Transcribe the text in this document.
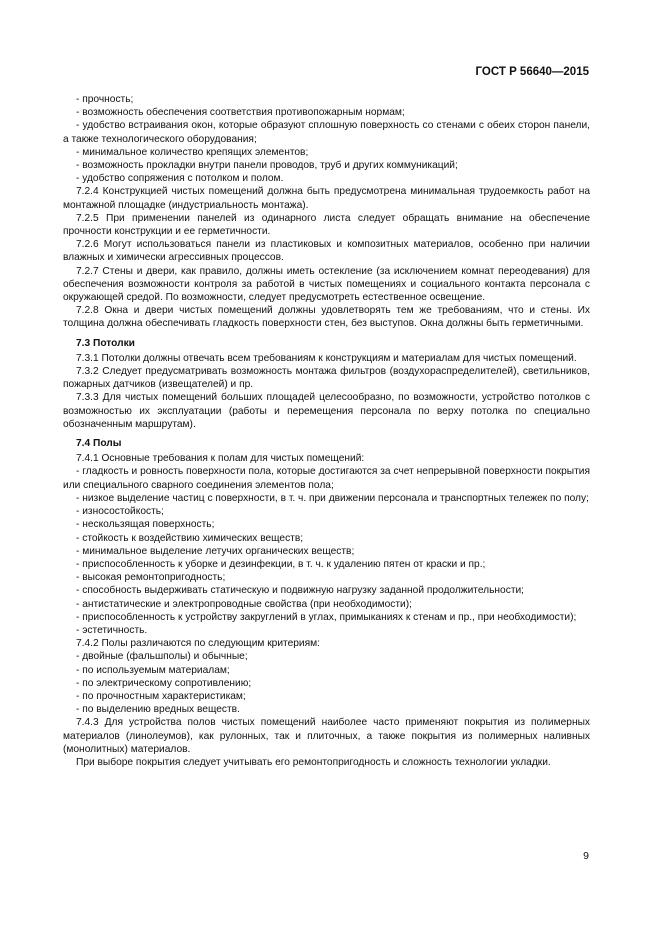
ГОСТ Р 56640—2015

- прочность;

- возможность обеспечения соответствия противопожарным нормам;

- удобство встраивания окон, которые образуют сплошную поверхность со стенами с обеих сторон панели, а также технологического оборудования;

- минимальное количество крепящих элементов;

- возможность прокладки внутри панели проводов, труб и других коммуникаций;

- удобство сопряжения с потолком и полом.

7.2.4 Конструкцией чистых помещений должна быть предусмотрена минимальная трудоемкость работ на монтажной площадке (индустриальность монтажа).

7.2.5 При применении панелей из одинарного листа следует обращать внимание на обеспечение прочности конструкции и ее герметичности.

7.2.6 Могут использоваться панели из пластиковых и композитных материалов, особенно при наличии влажных и химически агрессивных процессов.

7.2.7 Стены и двери, как правило, должны иметь остекление (за исключением комнат переодевания) для обеспечения возможности контроля за работой в чистых помещениях и социального контакта персонала с окружающей средой. По возможности, следует предусмотреть естественное освещение.

7.2.8 Окна и двери чистых помещений должны удовлетворять тем же требованиям, что и стены. Их толщина должна обеспечивать гладкость поверхности стен, без выступов. Окна должны быть герметичными.

7.3 Потолки

7.3.1 Потолки должны отвечать всем требованиям к конструкциям и материалам для чистых помещений.

7.3.2 Следует предусматривать возможность монтажа фильтров (воздухораспределителей), светильников, пожарных датчиков (извещателей) и пр.

7.3.3 Для чистых помещений больших площадей целесообразно, по возможности, устройство потолков с возможностью их эксплуатации (работы и перемещения персонала по верху потолка по специально обозначенным маршрутам).

7.4 Полы

7.4.1 Основные требования к полам для чистых помещений:

- гладкость и ровность поверхности пола, которые достигаются за счет непрерывной поверхности покрытия или специального сварного соединения элементов пола;

- низкое выделение частиц с поверхности, в т. ч. при движении персонала и транспортных тележек по полу;

- износостойкость;

- нескользящая поверхность;

- стойкость к воздействию химических веществ;

- минимальное выделение летучих органических веществ;

- приспособленность к уборке и дезинфекции, в т. ч. к удалению пятен от краски и пр.;

- высокая ремонтопригодность;

- способность выдерживать статическую и подвижную нагрузку заданной продолжительности;

- антистатические и электропроводные свойства (при необходимости);

- приспособленность к устройству закруглений в углах, примыканиях к стенам и пр., при необходимости);

- эстетичность.

7.4.2 Полы различаются по следующим критериям:

- двойные (фальшполы) и обычные;

- по используемым материалам;

- по электрическому сопротивлению;

- по прочностным характеристикам;

- по выделению вредных веществ.

7.4.3 Для устройства полов чистых помещений наиболее часто применяют покрытия из полимерных материалов (линолеумов), как рулонных, так и плиточных, а также покрытия из полимерных наливных (монолитных) материалов.

При выборе покрытия следует учитывать его ремонтопригодность и сложность технологии укладки.

9
